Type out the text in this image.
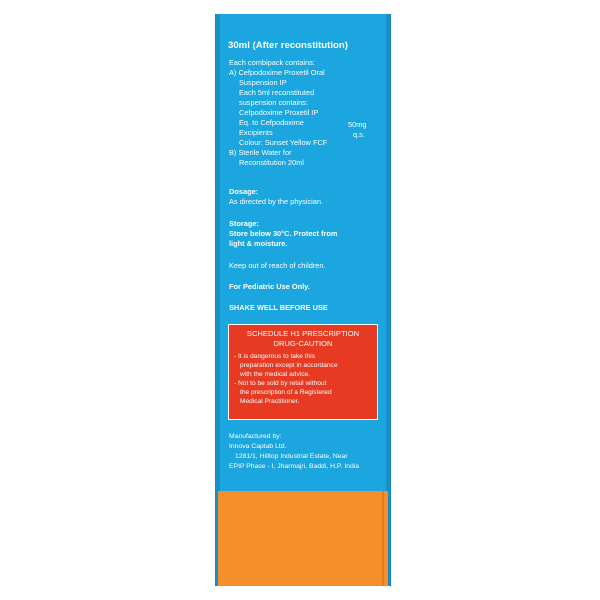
30ml (After reconstitution)
Each combipack contains:
A) Cefpodoxime Proxetil Oral
Suspension IP
Each 5ml reconstituted
suspension contains:
Cefpodoxime Proxetil IP
Eq. to Cefpodoxime	50mg
Excipients	q.s.
Colour: Sunset Yellow FCF
B) Sterile Water for
Reconstitution 20ml
Dosage:
As directed by the physician.
Storage:
Store below 30°C. Protect from
light & moisture.
Keep out of reach of children.
For Pediatric Use Only.
SHAKE WELL BEFORE USE
SCHEDULE H1 PRESCRIPTION
DRUG-CAUTION
- It is dangerous to take this
preparation except in accordance
with the medical advice.
- Not to be sold by retail without
the prescription of a Registered
Medical Practitioner.
Manufactured by:
Innova Captab Ltd.
1281/1, Hilltop Industrial Estate, Near
EPIP Phase - I, Jharmajri, Baddi, H.P. India
